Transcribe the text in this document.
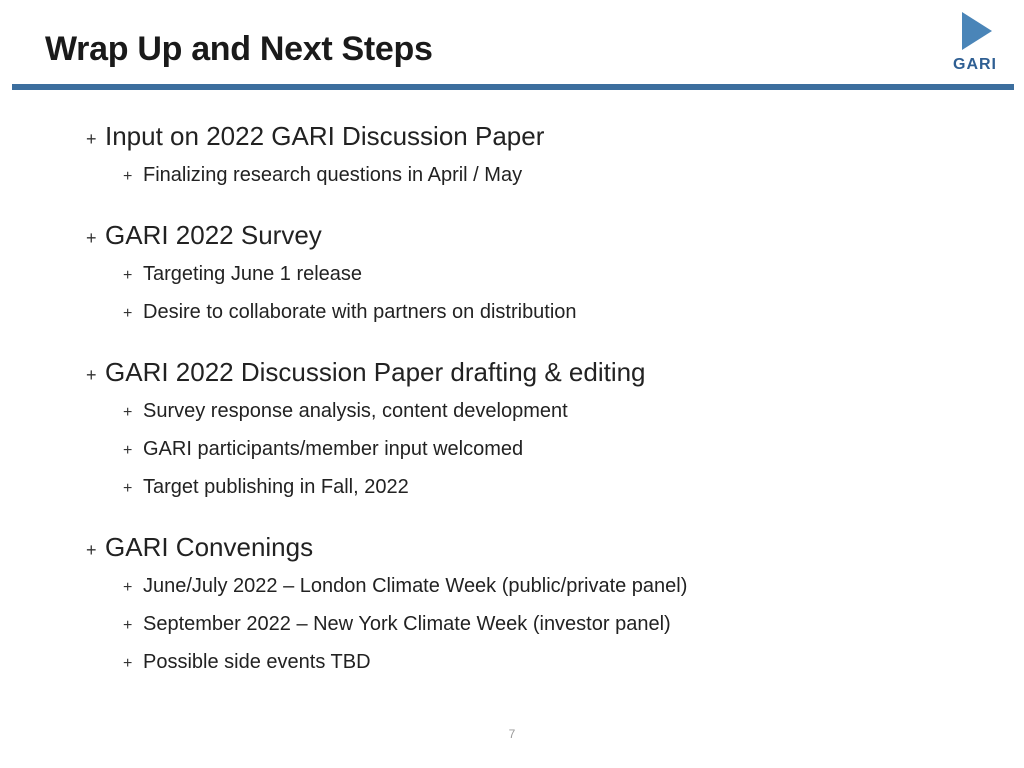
Wrap Up and Next Steps	GARI
+ Input on 2022 GARI Discussion Paper
+ Finalizing research questions in April / May
+ GARI 2022 Survey
+ Targeting June 1 release
+ Desire to collaborate with partners on distribution
+ GARI 2022 Discussion Paper drafting & editing
+ Survey response analysis, content development
+ GARI participants/member input welcomed
+ Target publishing in Fall, 2022
+ GARI Convenings
+ June/July 2022 – London Climate Week (public/private panel)
+ September 2022 – New York Climate Week (investor panel)
+ Possible side events TBD
7
